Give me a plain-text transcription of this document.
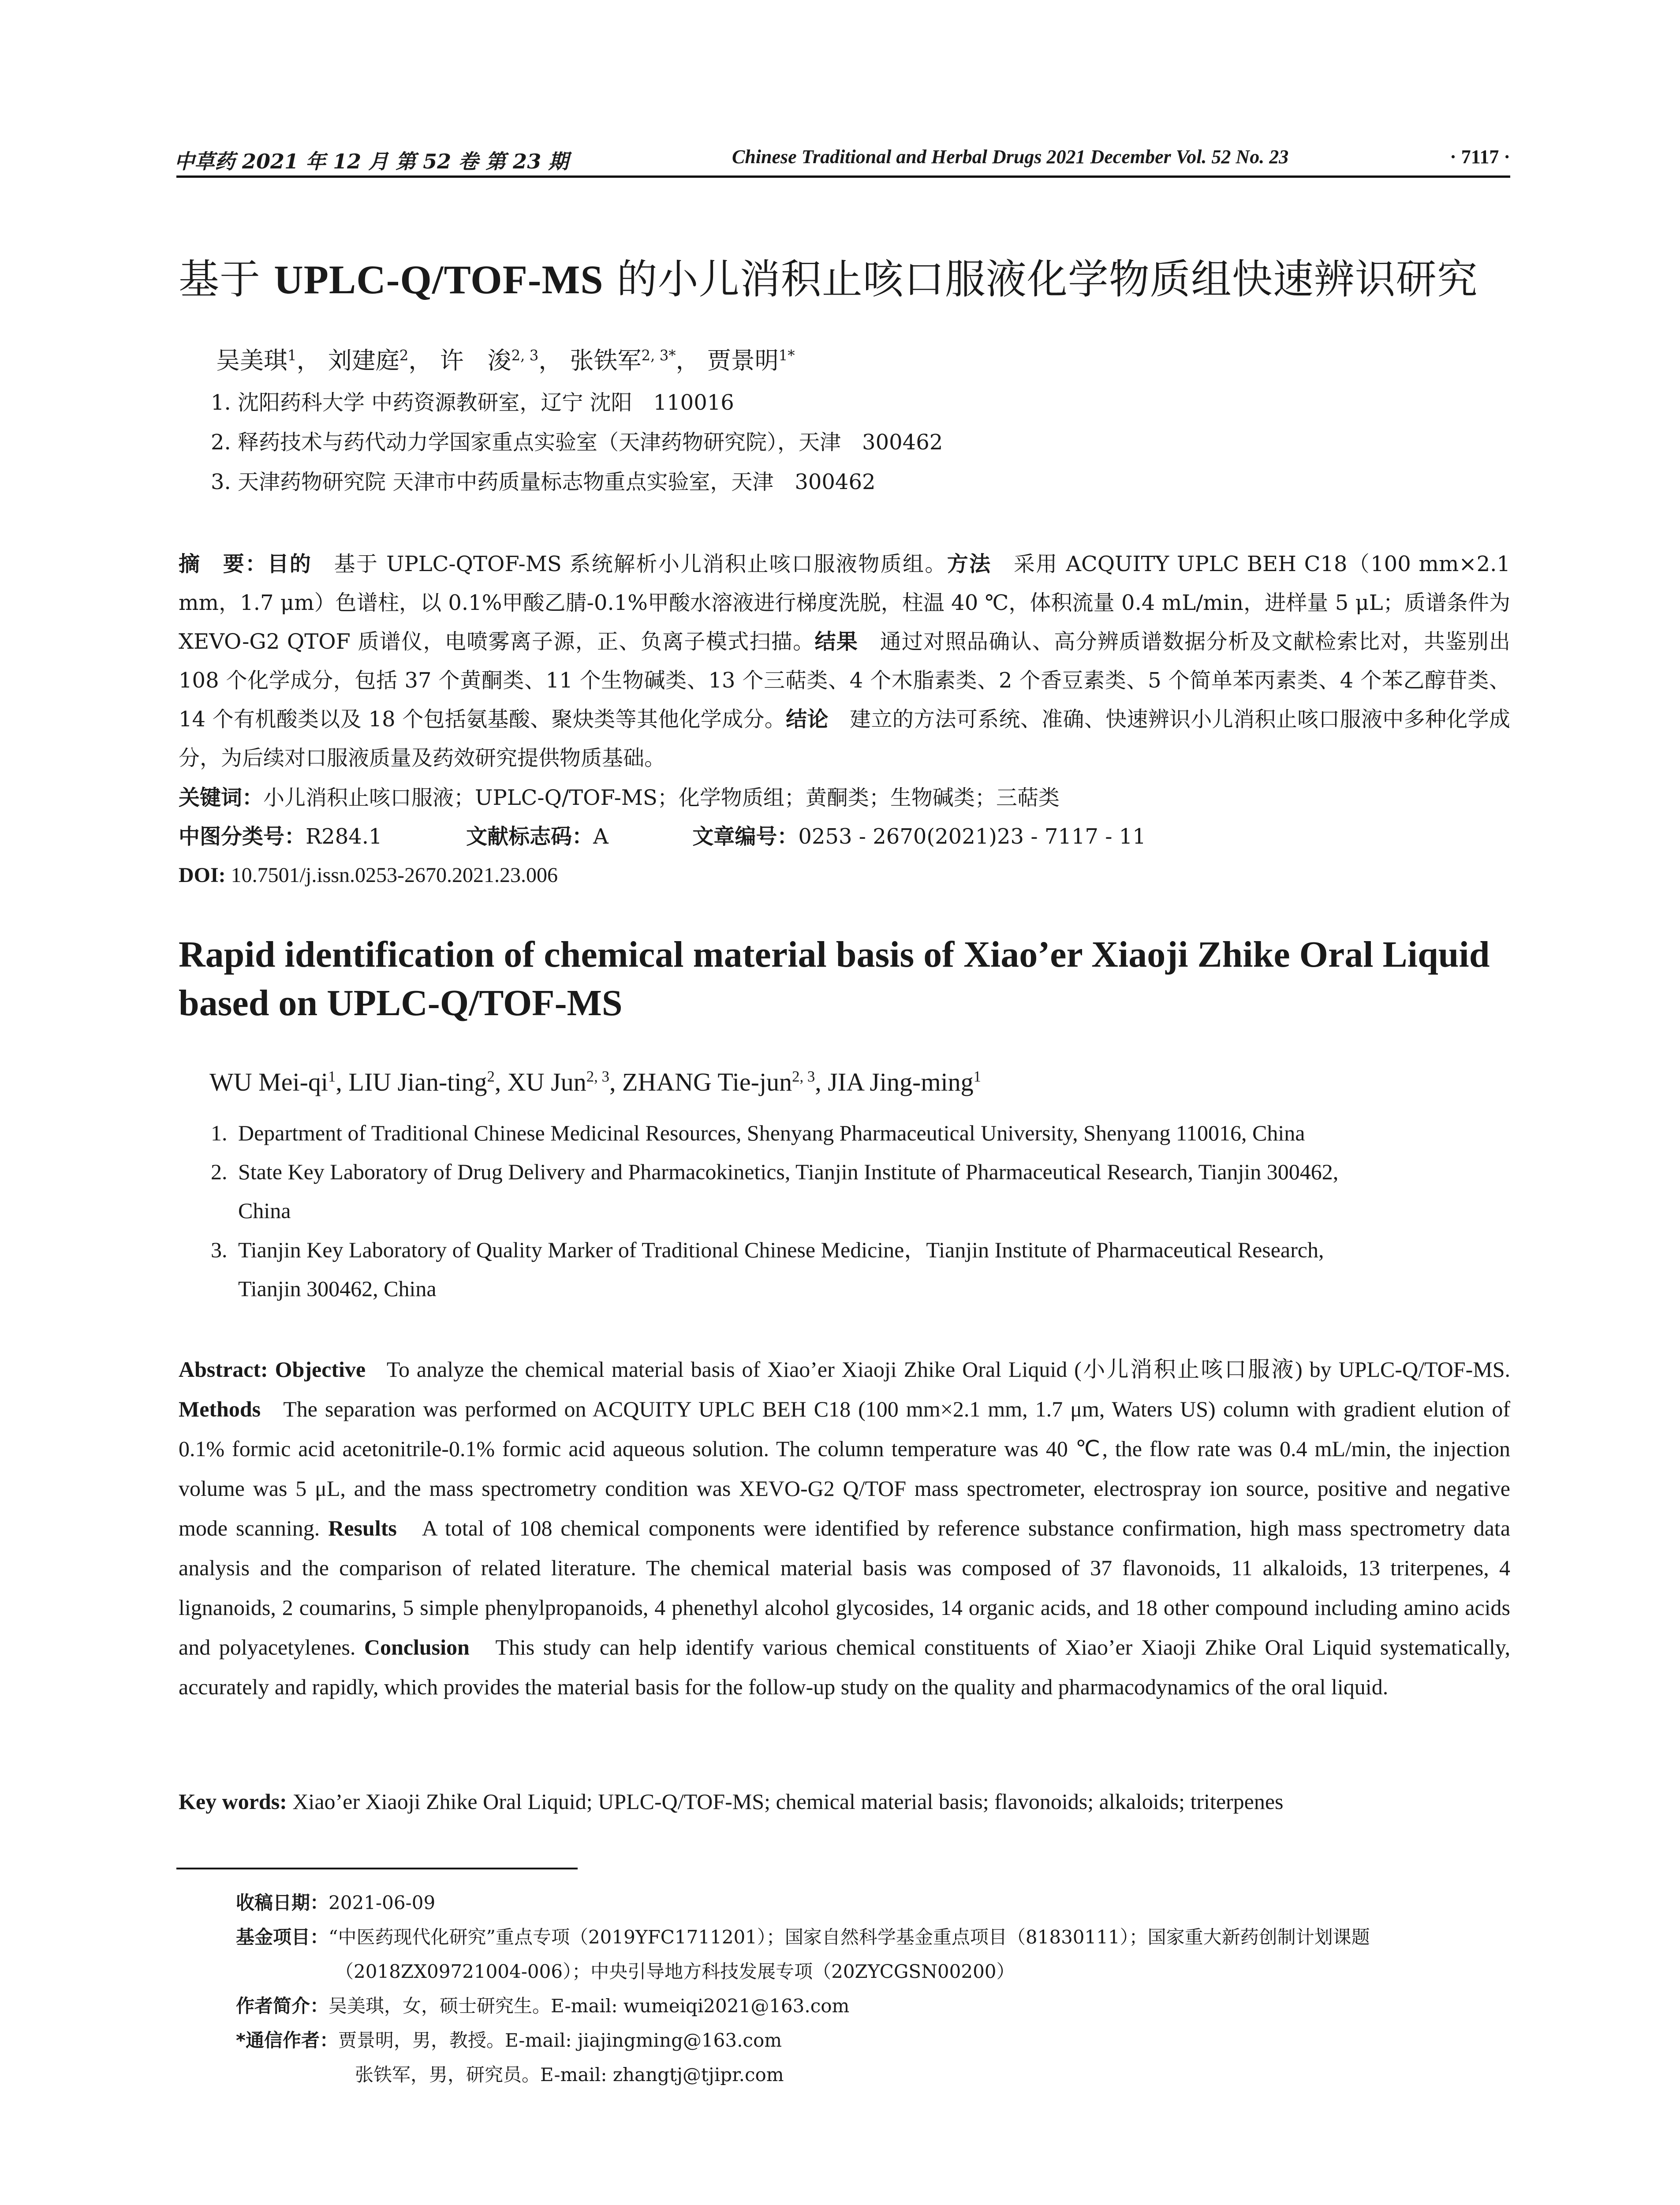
中草药 2021 年 12 月 第 52 卷 第 23 期	Chinese Traditional and Herbal Drugs 2021 December Vol. 52 No. 23	· 7117 ·
基于 UPLC-Q/TOF-MS 的小儿消积止咳口服液化学物质组快速辨识研究
吴美琪$^1$， 刘建庭$^2$， 许　浚$^{2, 3}$， 张铁军$^{2, 3*}$， 贾景明$^{1*}$
1. 沈阳药科大学 中药资源教研室，辽宁 沈阳　110016
2. 释药技术与药代动力学国家重点实验室（天津药物研究院），天津　300462
3. 天津药物研究院 天津市中药质量标志物重点实验室，天津　300462
摘　要：目的　 基于 UPLC-QTOF-MS 系统解析小儿消积止咳口服液物质组。方法　 采用 ACQUITY UPLC BEH C18（100 mm×2.1 mm，1.7 μm）色谱柱，以 0.1%甲酸乙腈-0.1%甲酸水溶液进行梯度洗脱，柱温 40 ℃，体积流量 0.4 mL/min，进样量 5 μL；质谱条件为 XEVO-G2 QTOF 质谱仪，电喷雾离子源，正、负离子模式扫描。结果　 通过对照品确认、高分辨质谱数据分析及文献检索比对，共鉴别出 108 个化学成分，包括 37 个黄酮类、11 个生物碱类、13 个三萜类、4 个木脂素类、2 个香豆素类、5 个简单苯丙素类、4 个苯乙醇苷类、14 个有机酸类以及 18 个包括氨基酸、聚炔类等其他化学成分。结论　 建立的方法可系统、准确、快速辨识小儿消积止咳口服液中多种化学成分，为后续对口服液质量及药效研究提供物质基础。
关键词：小儿消积止咳口服液；UPLC-Q/TOF-MS；化学物质组；黄酮类；生物碱类；三萜类
中图分类号：R284.1	文献标志码：A	文章编号：0253 - 2670(2021)23 - 7117 - 11
DOI: 10.7501/j.issn.0253-2670.2021.23.006
Rapid identification of chemical material basis of Xiao’er Xiaoji Zhike Oral Liquid based on UPLC-Q/TOF-MS
WU Mei-$qi^1$, LIU Jian-ting$^2$, XU Jun$^{2, 3}$, ZHANG Tie-jun$^{2, 3}$, JIA Jing-ming$^1$
1. Department of Traditional Chinese Medicinal Resources, Shenyang Pharmaceutical University, Shenyang 110016, China
2. State Key Laboratory of Drug Delivery and Pharmacokinetics, Tianjin Institute of Pharmaceutical Research, Tianjin 300462,
China
3. Tianjin Key Laboratory of Quality Marker of Traditional Chinese Medicine，Tianjin Institute of Pharmaceutical Research,
Tianjin 300462, China
Abstract: Objective To analyze the chemical material basis of Xiao’er Xiaoji Zhike Oral Liquid (小儿消积止咳口服液) by UPLC-Q/TOF-MS. Methods The separation was performed on ACQUITY UPLC BEH C18 (100 mm×2.1 mm, 1.7 μm, Waters US) column with gradient elution of 0.1% formic acid acetonitrile-0.1% formic acid aqueous solution. The column temperature was 40 ℃, the flow rate was 0.4 mL/min, the injection volume was 5 μL, and the mass spectrometry condition was XEVO-G2 Q/TOF mass spectrometer, electrospray ion source, positive and negative mode scanning. Results A total of 108 chemical components were identified by reference substance confirmation, high mass spectrometry data analysis and the comparison of related literature. The chemical material basis was composed of 37 flavonoids, 11 alkaloids, 13 triterpenes, 4 lignanoids, 2 coumarins, 5 simple phenylpropanoids, 4 phenethyl alcohol glycosides, 14 organic acids, and 18 other compound including amino acids and polyacetylenes. Conclusion This study can help identify various chemical constituents of Xiao’er Xiaoji Zhike Oral Liquid systematically, accurately and rapidly, which provides the material basis for the follow-up study on the quality and pharmacodynamics of the oral liquid.
Key words: Xiao’er Xiaoji Zhike Oral Liquid; UPLC-Q/TOF-MS; chemical material basis; flavonoids; alkaloids; triterpenes
收稿日期：2021-06-09
基金项目：“中医药现代化研究”重点专项（2019YFC1711201）；国家自然科学基金重点项目（81830111）；国家重大新药创制计划课题
（2018ZX09721004-006）；中央引导地方科技发展专项（20ZYCGSN00200）
作者简介：吴美琪，女，硕士研究生。E-mail: wumeiqi2021@163.com
*通信作者：贾景明，男，教授。E-mail: jiajingming@163.com
张铁军，男，研究员。E-mail: zhangtj@tjipr.com
